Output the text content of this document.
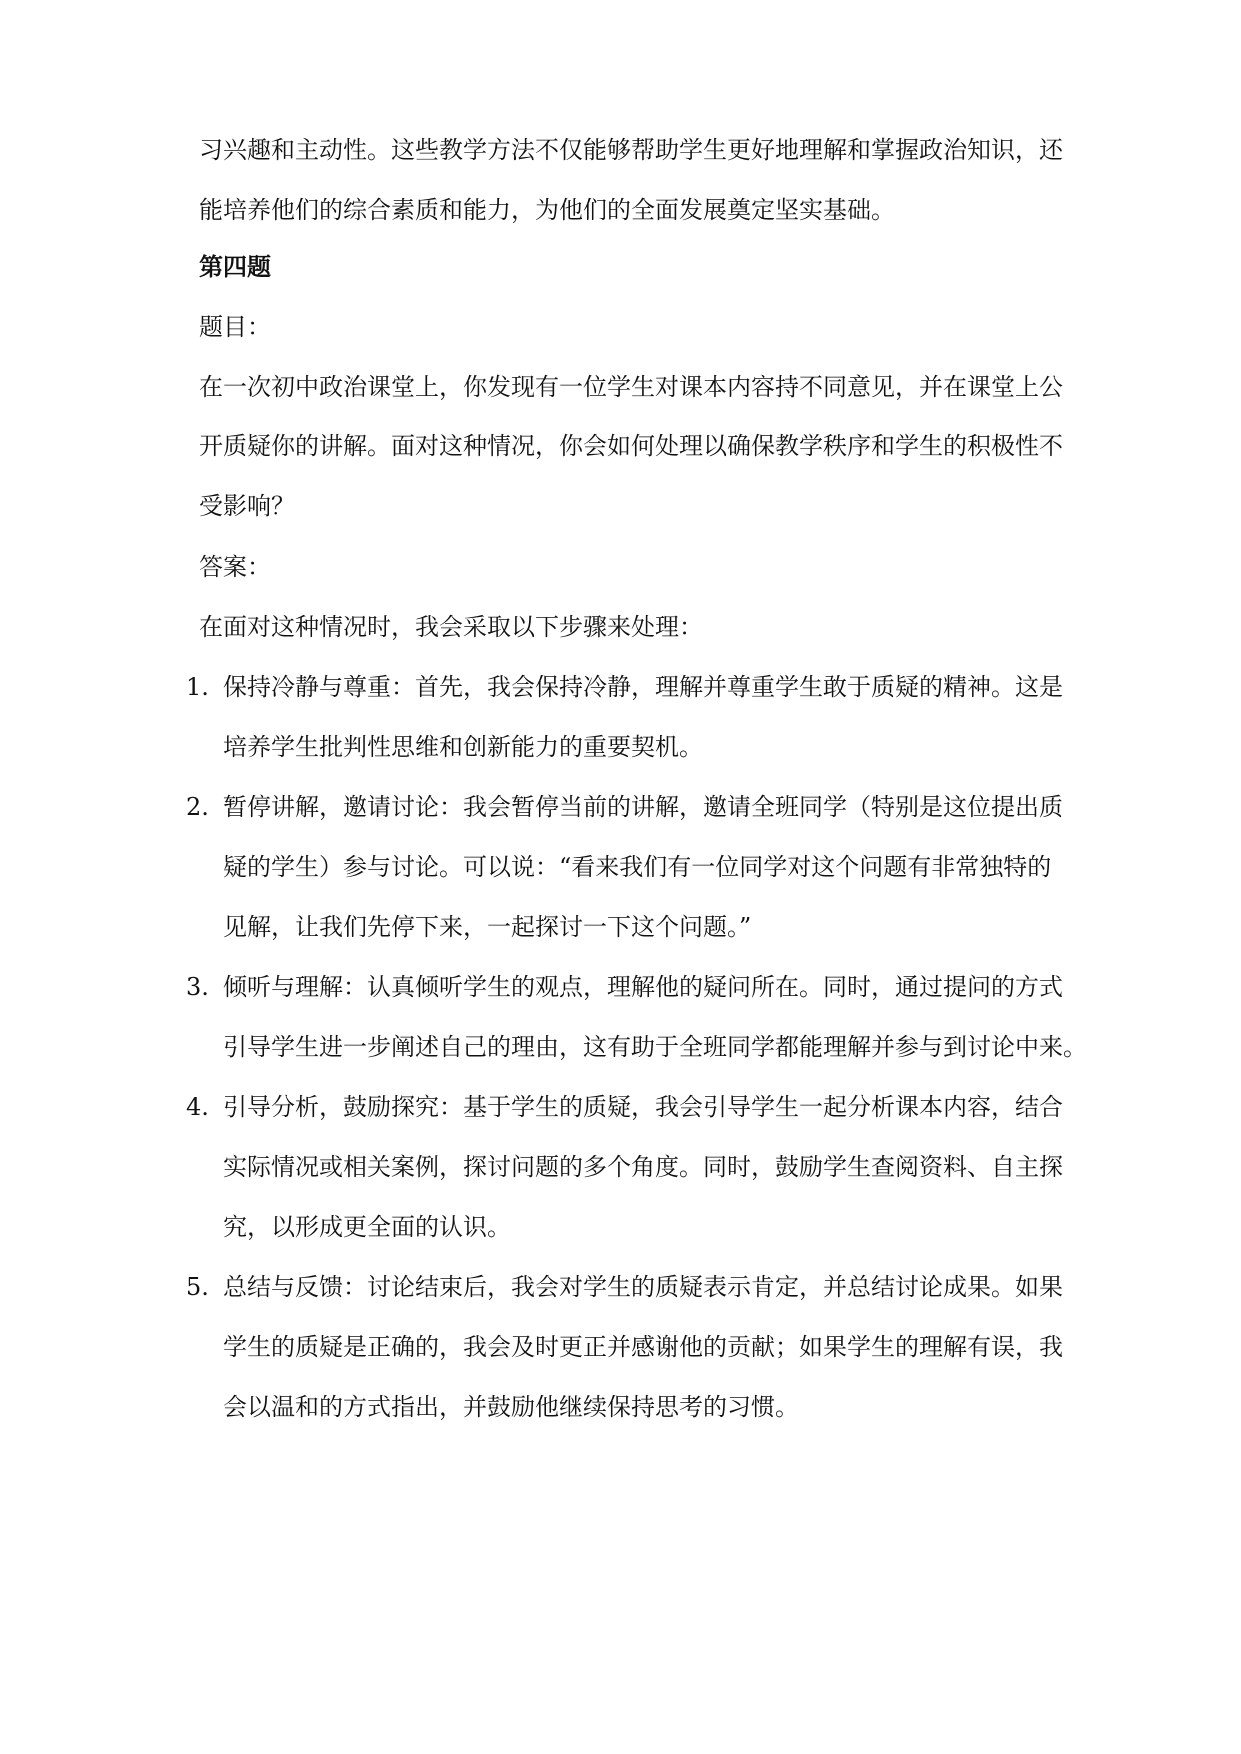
习兴趣和主动性。这些教学方法不仅能够帮助学生更好地理解和掌握政治知识，还
能培养他们的综合素质和能力，为他们的全面发展奠定坚实基础。
第四题
题目：
在一次初中政治课堂上，你发现有一位学生对课本内容持不同意见，并在课堂上公
开质疑你的讲解。面对这种情况，你会如何处理以确保教学秩序和学生的积极性不
受影响？
答案：
在面对这种情况时，我会采取以下步骤来处理：
1. 保持冷静与尊重：首先，我会保持冷静，理解并尊重学生敢于质疑的精神。这是
培养学生批判性思维和创新能力的重要契机。
2. 暂停讲解，邀请讨论：我会暂停当前的讲解，邀请全班同学（特别是这位提出质
疑的学生）参与讨论。可以说：“看来我们有一位同学对这个问题有非常独特的
见解，让我们先停下来，一起探讨一下这个问题。”
3. 倾听与理解：认真倾听学生的观点，理解他的疑问所在。同时，通过提问的方式
引导学生进一步阐述自己的理由，这有助于全班同学都能理解并参与到讨论中来。
4. 引导分析，鼓励探究：基于学生的质疑，我会引导学生一起分析课本内容，结合
实际情况或相关案例，探讨问题的多个角度。同时，鼓励学生查阅资料、自主探
究，以形成更全面的认识。
5. 总结与反馈：讨论结束后，我会对学生的质疑表示肯定，并总结讨论成果。如果
学生的质疑是正确的，我会及时更正并感谢他的贡献；如果学生的理解有误，我
会以温和的方式指出，并鼓励他继续保持思考的习惯。
